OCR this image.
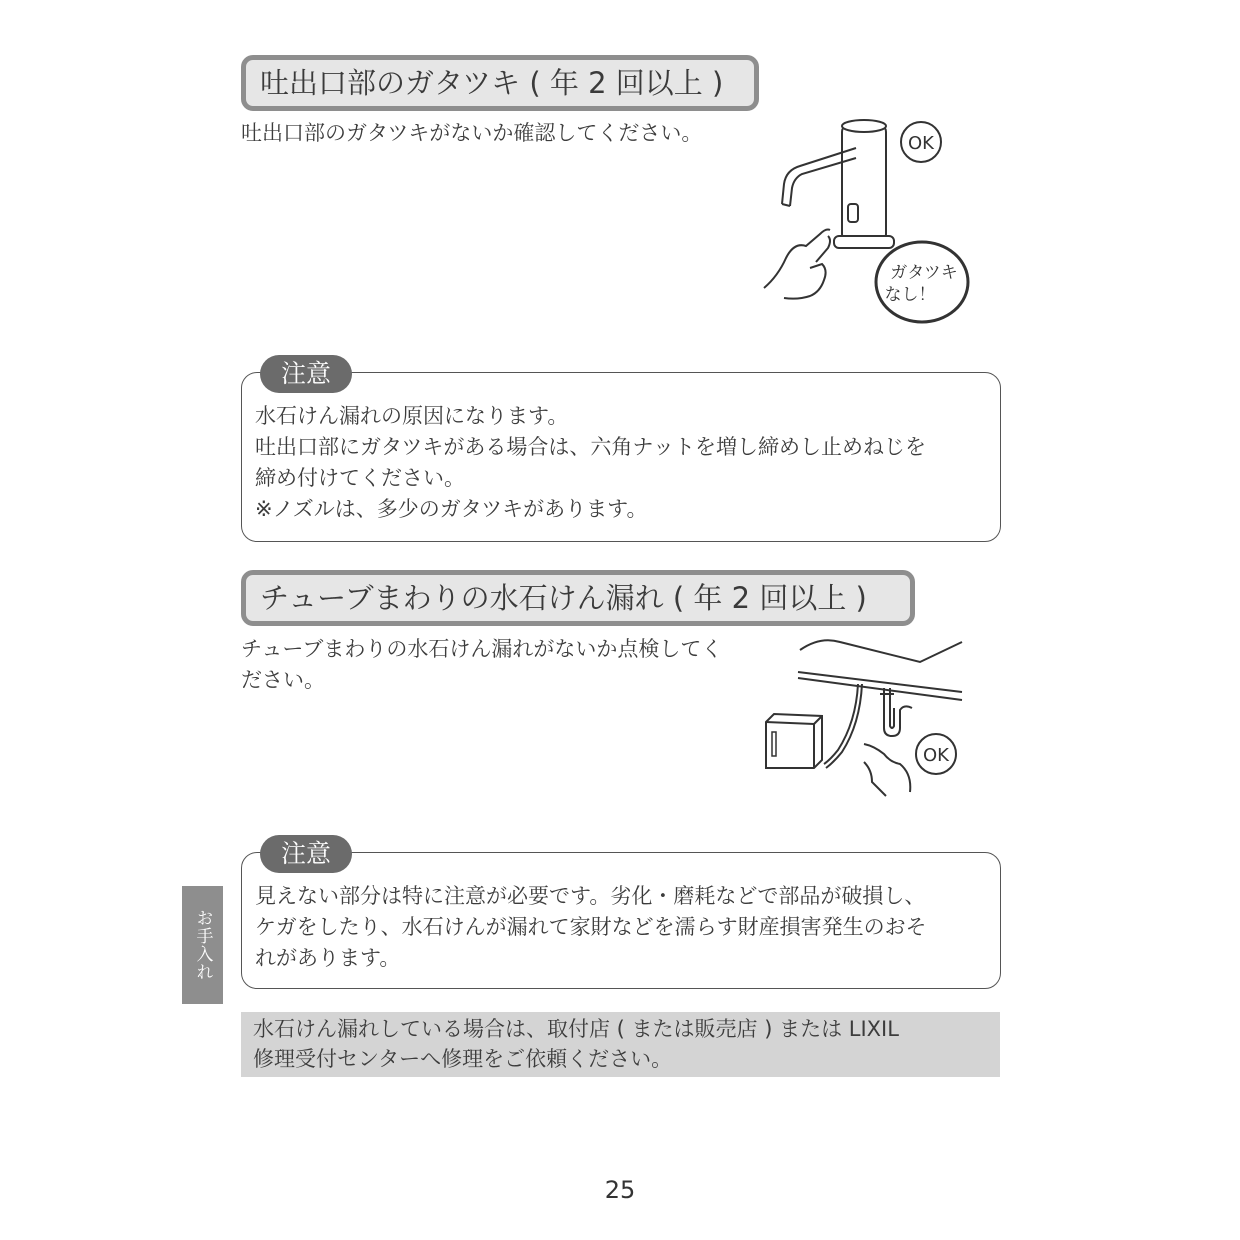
吐出口部のガタツキ ( 年 2 回以上 )
吐出口部のガタツキがないか確認してください。	OK
ガタツキ
なし！
注意
水石けん漏れの原因になります。
吐出口部にガタツキがある場合は、六角ナットを増し締めし止めねじを
締め付けてください。
※ノズルは、多少のガタツキがあります。
チューブまわりの水石けん漏れ ( 年 2 回以上 )
チューブまわりの水石けん漏れがないか点検してください。
OK
注意
見えない部分は特に注意が必要です。劣化・磨耗などで部品が破損し、
ケガをしたり、水石けんが漏れて家財などを濡らす財産損害発生のおそ
れがあります。
お手入れ
水石けん漏れしている場合は、取付店 ( または販売店 ) または LIXIL
修理受付センターへ修理をご依頼ください。
25
